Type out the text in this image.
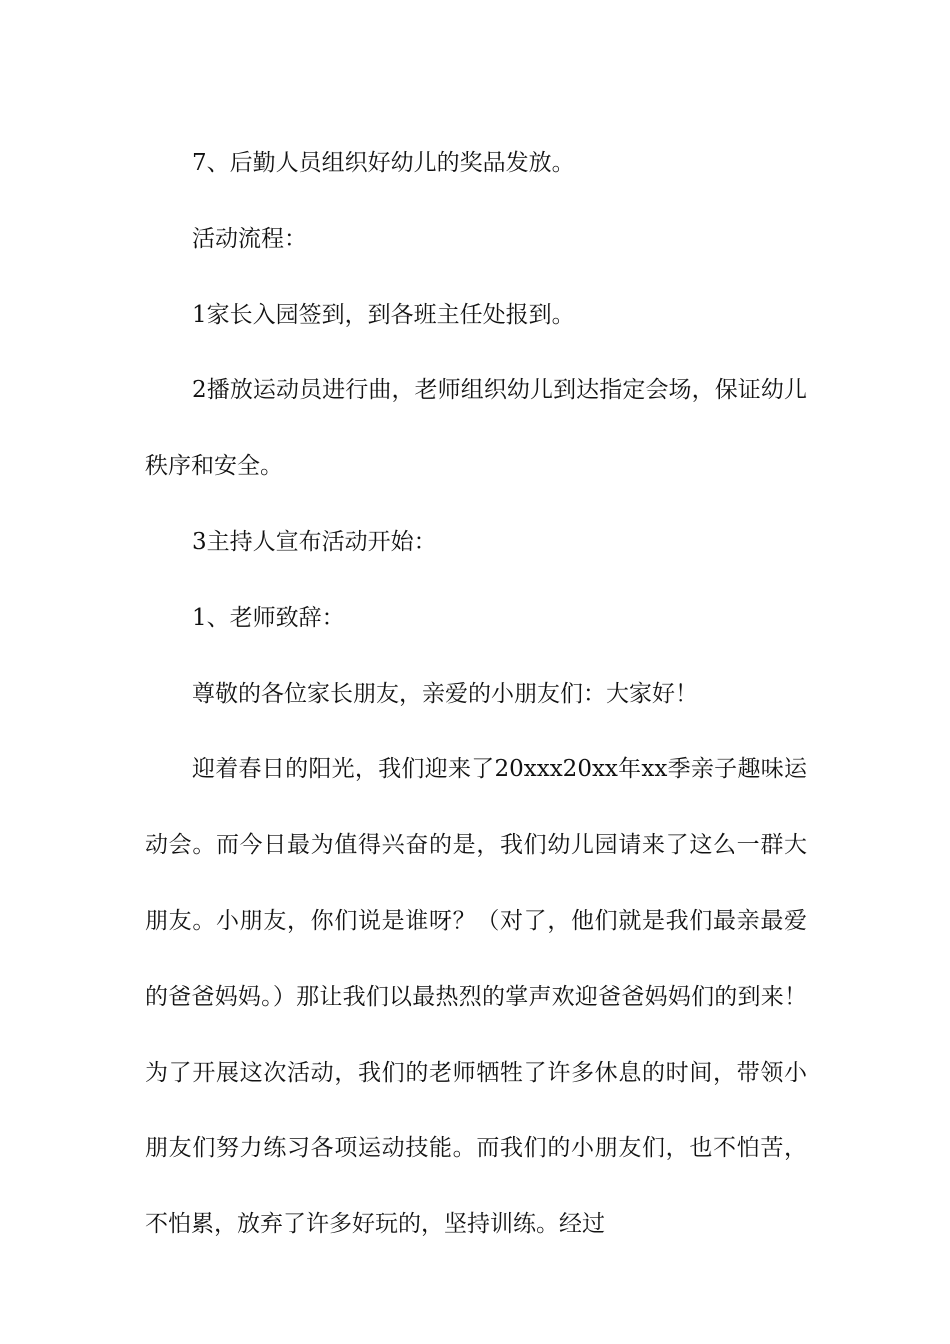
7、后勤人员组织好幼儿的奖品发放。

活动流程：

1家长入园签到，到各班主任处报到。

2播放运动员进行曲，老师组织幼儿到达指定会场，保证幼儿秩序和安全。

3主持人宣布活动开始：

1、老师致辞：

尊敬的各位家长朋友，亲爱的小朋友们：大家好！

迎着春日的阳光，我们迎来了20xxx20xx年xx季亲子趣味运动会。而今日最为值得兴奋的是，我们幼儿园请来了这么一群大朋友。小朋友，你们说是谁呀？（对了，他们就是我们最亲最爱的爸爸妈妈。）那让我们以最热烈的掌声欢迎爸爸妈妈们的到来！为了开展这次活动，我们的老师牺牲了许多休息的时间，带领小朋友们努力练习各项运动技能。而我们的小朋友们，也不怕苦，不怕累，放弃了许多好玩的，坚持训练。经过
